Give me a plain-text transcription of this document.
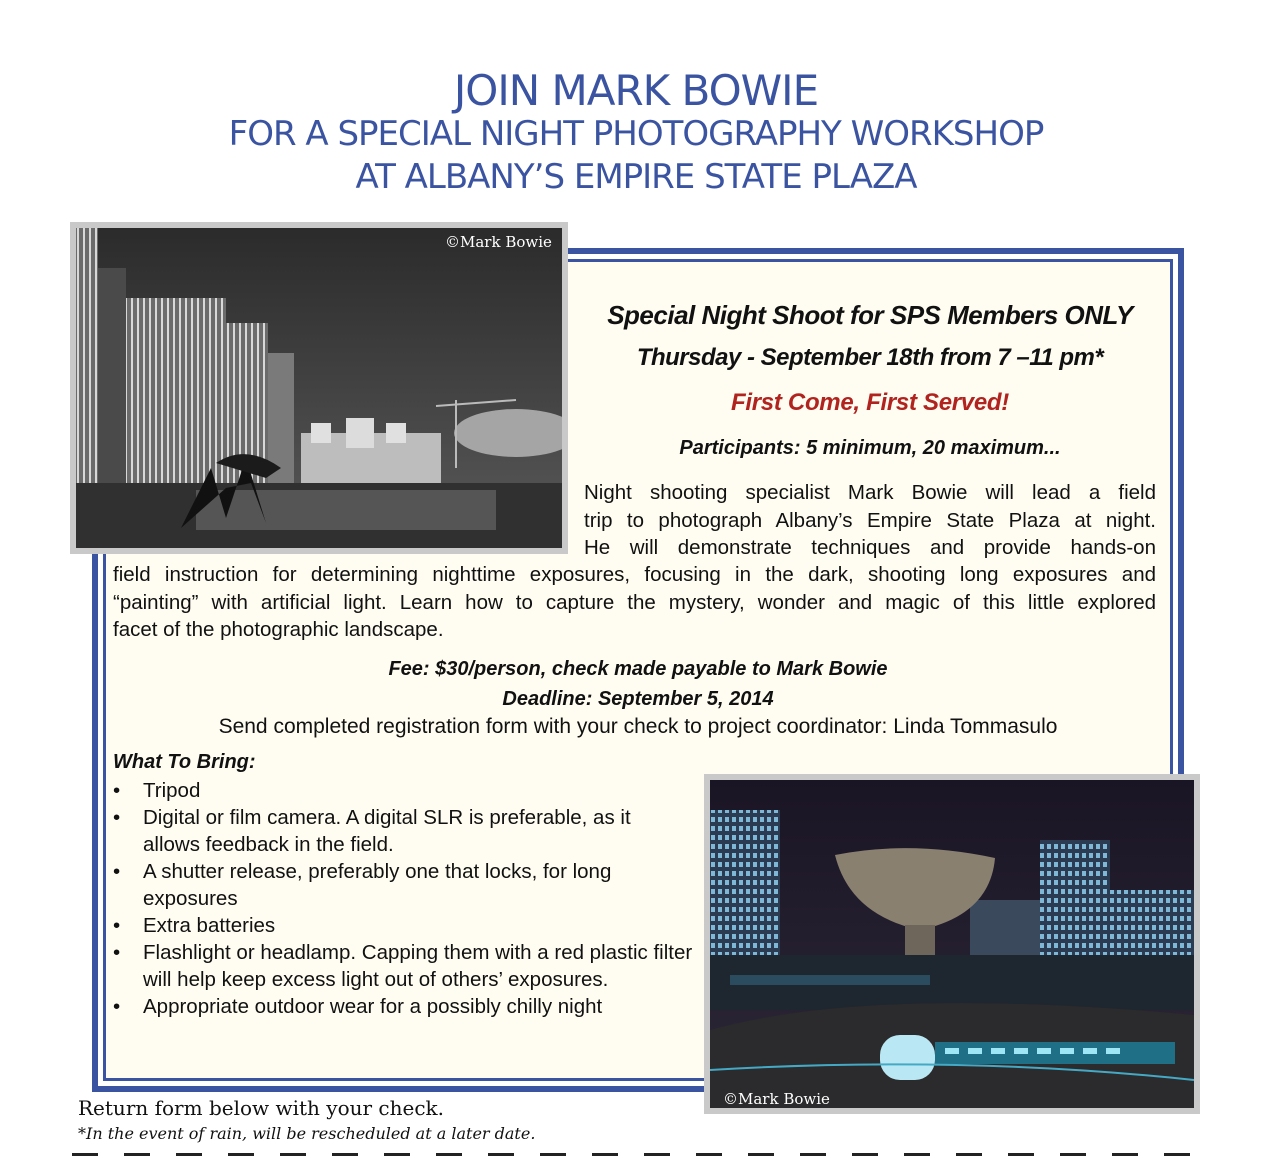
JOIN MARK BOWIE
FOR A SPECIAL NIGHT PHOTOGRAPHY WORKSHOP
AT ALBANY’S EMPIRE STATE PLAZA
©Mark Bowie
Special Night Shoot for SPS Members ONLY
Thursday - September 18th from 7 –11 pm*
First Come, First Served!
Participants: 5 minimum, 20 maximum...
Night shooting specialist Mark Bowie will lead a field
trip to photograph Albany’s Empire State Plaza at night.
He will demonstrate techniques and provide hands-on
field instruction for determining nighttime exposures, focusing in the dark, shooting long exposures and
“painting” with artificial light. Learn how to capture the mystery, wonder and magic of this little explored
facet of the photographic landscape.
Fee: $30/person, check made payable to Mark Bowie
Deadline: September 5, 2014
Send completed registration form with your check to project coordinator: Linda Tommasulo
What To Bring:
• Tripod
• Digital or film camera. A digital SLR is preferable, as it allows feedback in the field.
• A shutter release, preferably one that locks, for long exposures
• Extra batteries
• Flashlight or headlamp. Capping them with a red plastic filter will help keep excess light out of others’ exposures.
• Appropriate outdoor wear for a possibly chilly night
©Mark Bowie
Return form below with your check.
*In the event of rain, will be rescheduled at a later date.
